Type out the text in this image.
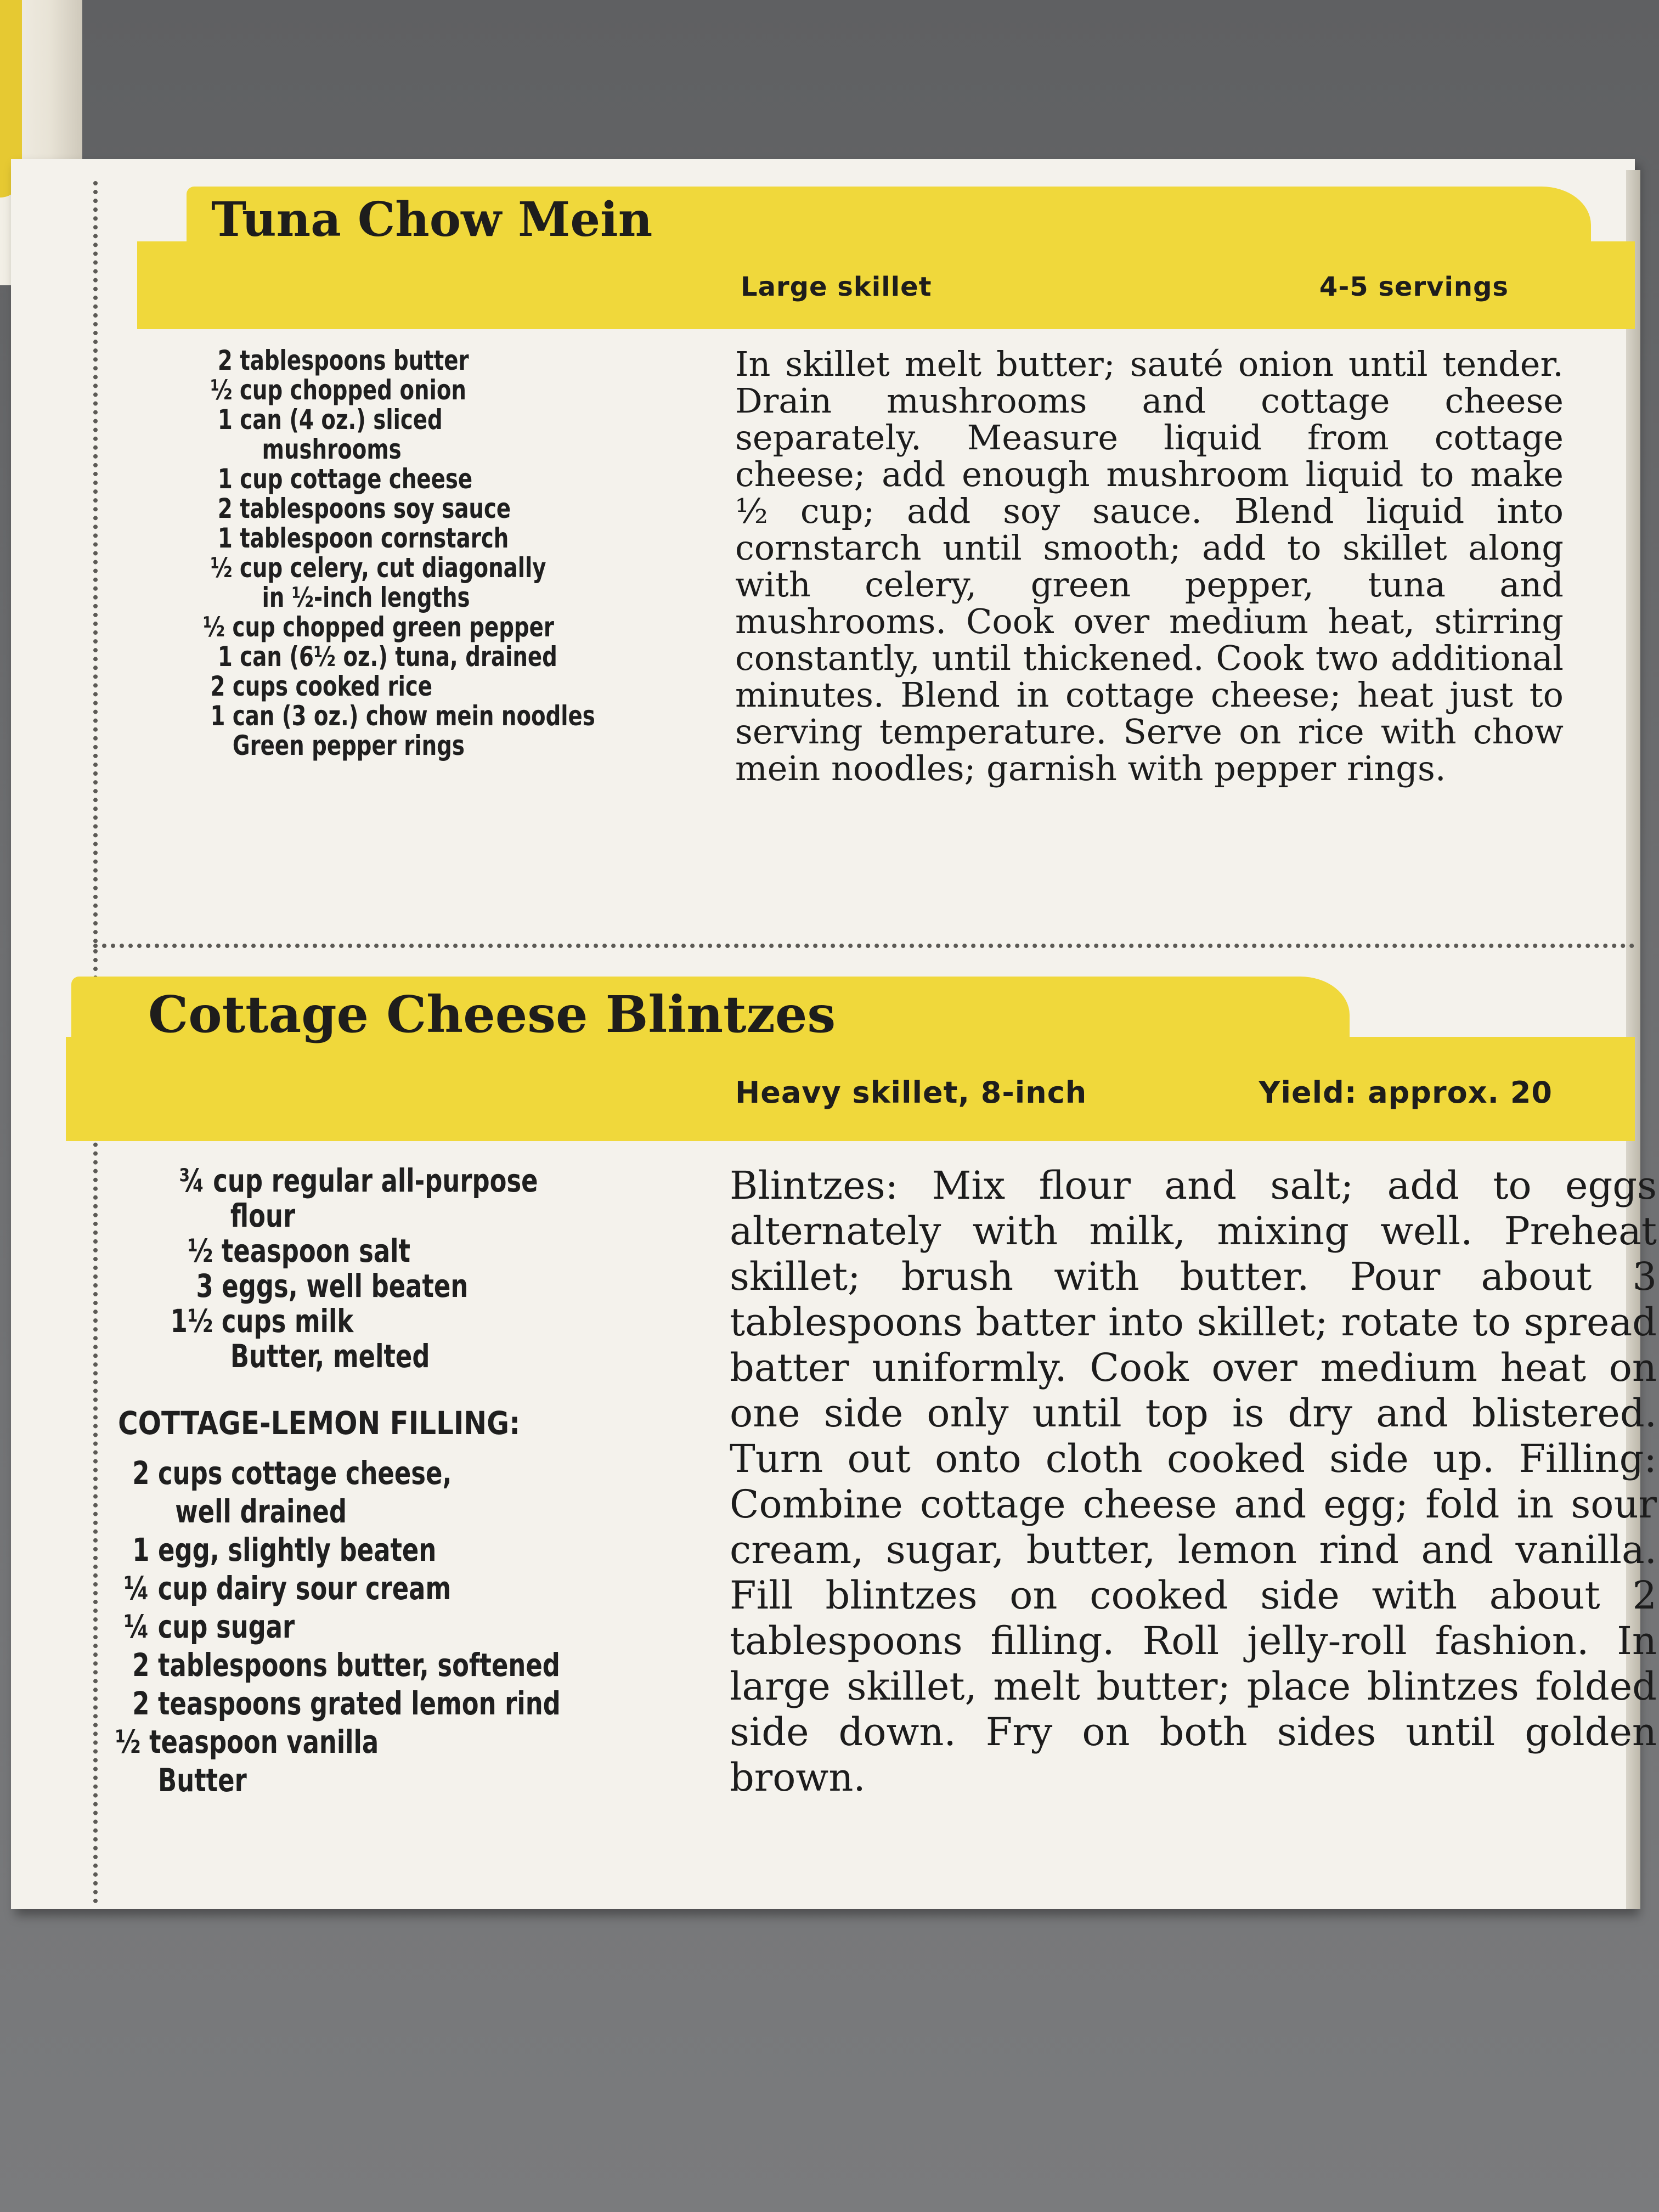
Tuna Chow Mein
Large skillet	4-5 servings
2 tablespoons butter
½ cup chopped onion
1 can (4 oz.) sliced
mushrooms
1 cup cottage cheese
2 tablespoons soy sauce
1 tablespoon cornstarch
½ cup celery, cut diagonally
in ½-inch lengths
½ cup chopped green pepper
1 can (6½ oz.) tuna, drained
2 cups cooked rice
1 can (3 oz.) chow mein noodles
Green pepper rings

In skillet melt butter; sauté onion until tender. Drain mushrooms and cottage cheese separately. Measure liquid from cottage cheese; add enough mushroom liquid to make ½ cup; add soy sauce. Blend liquid into cornstarch until smooth; add to skillet along with celery, green pepper, tuna and mushrooms. Cook over medium heat, stirring constantly, until thickened. Cook two additional minutes. Blend in cottage cheese; heat just to serving temperature. Serve on rice with chow mein noodles; garnish with pepper rings.

Cottage Cheese Blintzes
Heavy skillet, 8-inch	Yield: approx. 20
¾ cup regular all-purpose
flour
½ teaspoon salt
3 eggs, well beaten
1½ cups milk
Butter, melted
COTTAGE-LEMON FILLING:
2 cups cottage cheese,
well drained
1 egg, slightly beaten
¼ cup dairy sour cream
¼ cup sugar
2 tablespoons butter, softened
2 teaspoons grated lemon rind
½ teaspoon vanilla
Butter

Blintzes: Mix flour and salt; add to eggs alternately with milk, mixing well. Preheat skillet; brush with butter. Pour about 3 tablespoons batter into skillet; rotate to spread batter uniformly. Cook over medium heat on one side only until top is dry and blistered. Turn out onto cloth cooked side up. Filling: Combine cottage cheese and egg; fold in sour cream, sugar, butter, lemon rind and vanilla. Fill blintzes on cooked side with about 2 tablespoons filling. Roll jelly-roll fashion. In large skillet, melt butter; place blintzes folded side down. Fry on both sides until golden brown.
